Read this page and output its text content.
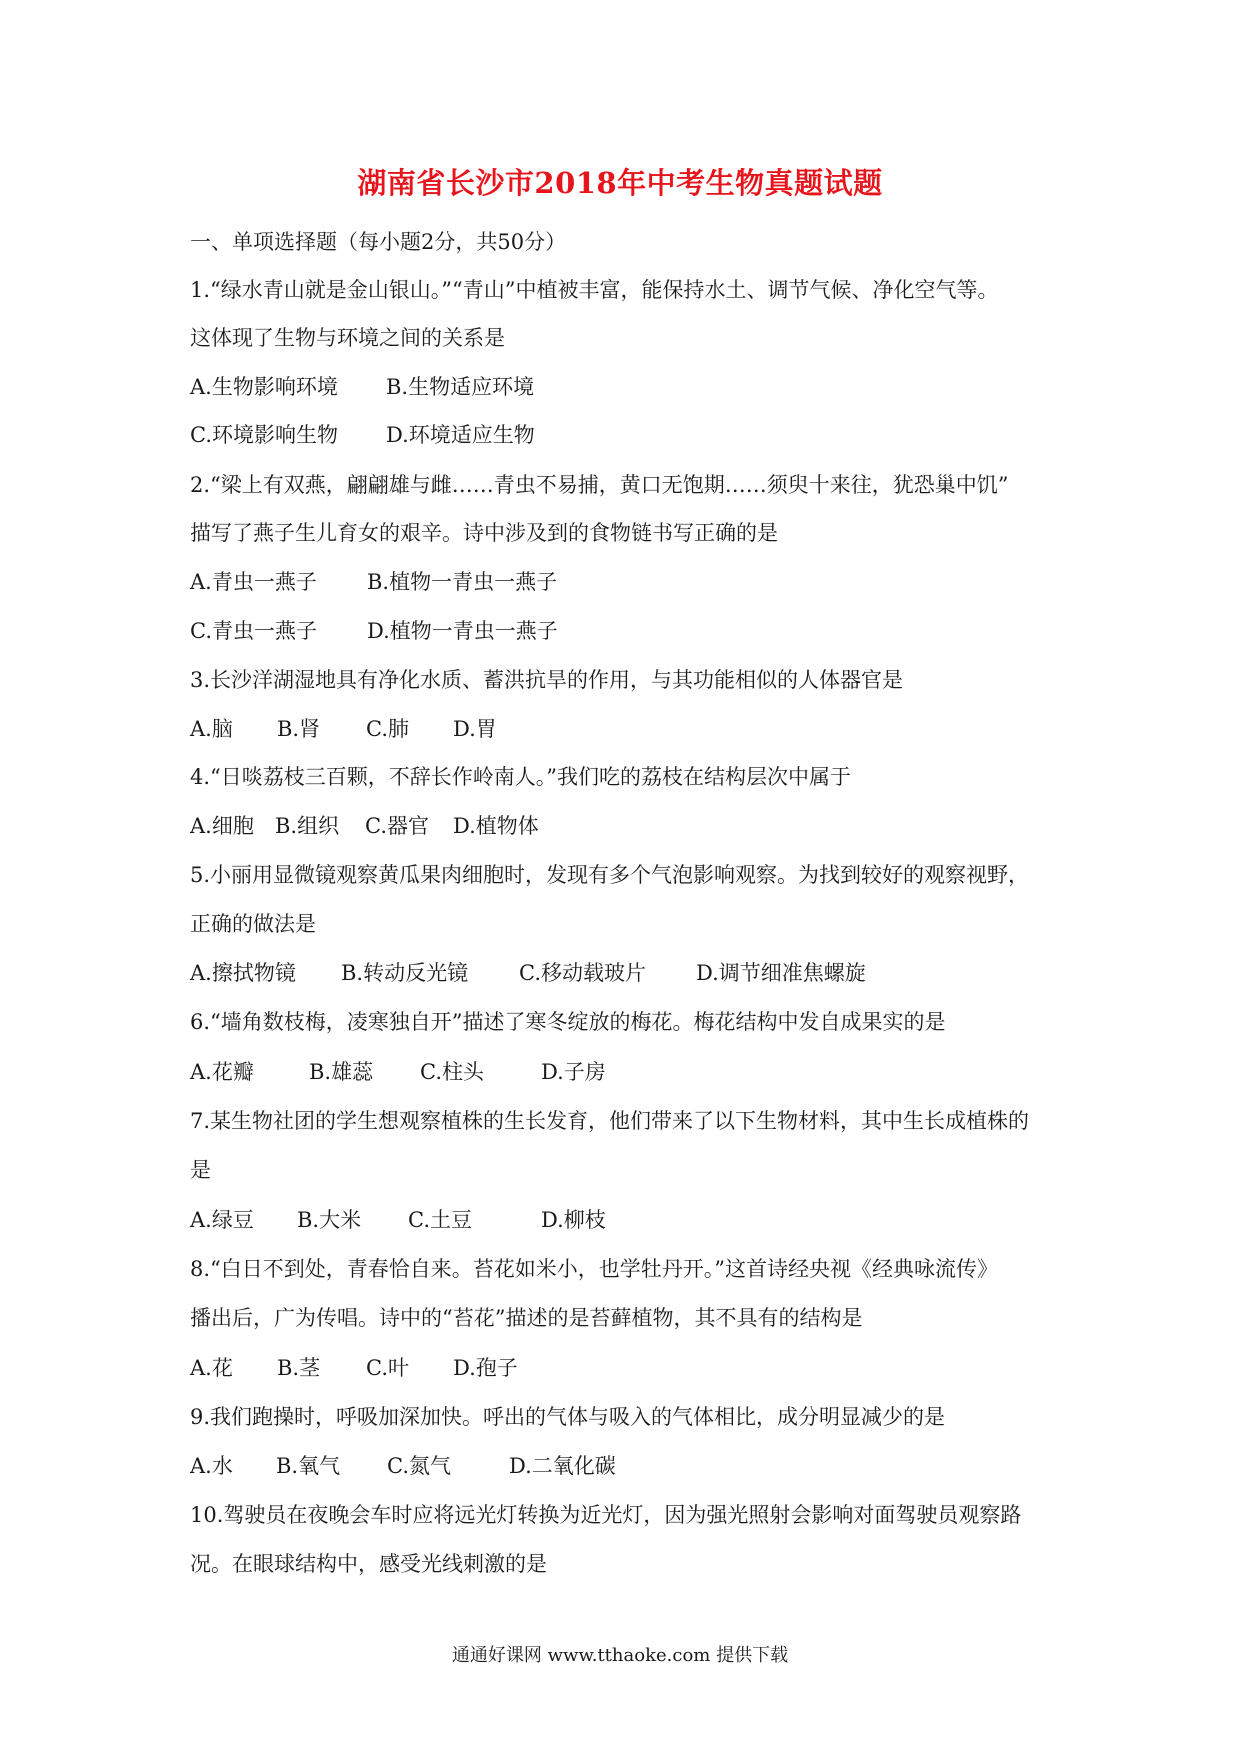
湖南省长沙市2018年中考生物真题试题
一、单项选择题（每小题2分，共50分）
1.“绿水青山就是金山银山。”“青山”中植被丰富，能保持水土、调节气候、净化空气等。
这体现了生物与环境之间的关系是
A.生物影响环境 B.生物适应环境
C.环境影响生物 D.环境适应生物
2.“梁上有双燕，翩翩雄与雌……青虫不易捕，黄口无饱期……须臾十来往，犹恐巢中饥”
描写了燕子生儿育女的艰辛。诗中涉及到的食物链书写正确的是
A.青虫一燕子 B.植物一青虫一燕子
C.青虫一燕子 D.植物一青虫一燕子
3.长沙洋湖湿地具有净化水质、蓄洪抗旱的作用，与其功能相似的人体器官是
A.脑 B.肾 C.肺 D.胃
4.“日啖荔枝三百颗，不辞长作岭南人。”我们吃的荔枝在结构层次中属于
A.细胞 B.组织 C.器官 D.植物体
5.小丽用显微镜观察黄瓜果肉细胞时，发现有多个气泡影响观察。为找到较好的观察视野，
正确的做法是
A.擦拭物镜 B.转动反光镜 C.移动载玻片 D.调节细准焦螺旋
6.“墙角数枝梅，凌寒独自开”描述了寒冬绽放的梅花。梅花结构中发自成果实的是
A.花瓣	B.雄蕊 C.柱头	D.子房
7.某生物社团的学生想观察植株的生长发育，他们带来了以下生物材料，其中生长成植株的
是
A.绿豆 B.大米 C.土豆	D.柳枝
8.“白日不到处，青春恰自来。苔花如米小，也学牡丹开。”这首诗经央视《经典咏流传》
播出后，广为传唱。诗中的“苔花”描述的是苔藓植物，其不具有的结构是
A.花 B.茎 C.叶 D.孢子
9.我们跑操时，呼吸加深加快。呼出的气体与吸入的气体相比，成分明显减少的是
A.水 B.氧气 C.氮气	D.二氧化碳
10.驾驶员在夜晚会车时应将远光灯转换为近光灯，因为强光照射会影响对面驾驶员观察路
况。在眼球结构中，感受光线刺激的是
通通好课网 www.tthaoke.com 提供下载
